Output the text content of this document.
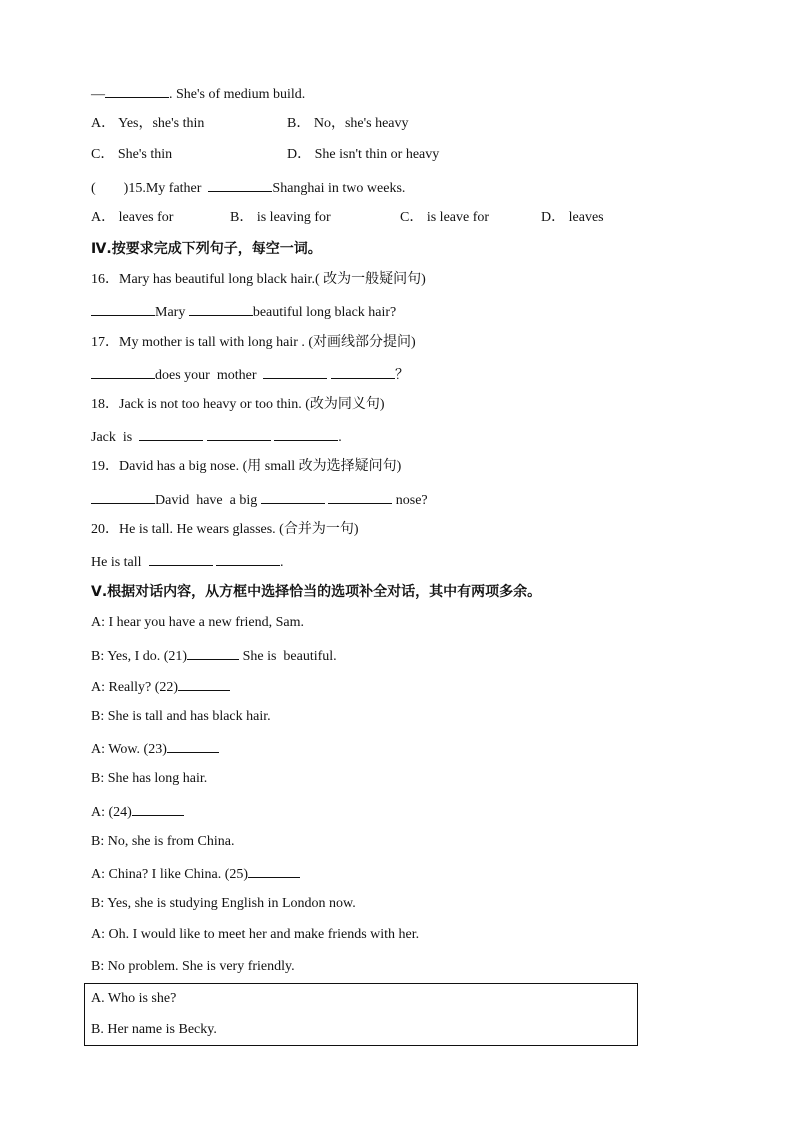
—	. She's of medium build.
A． Yes，she's thin	B． No，she's heavy
C． She's thin	D． She isn't thin or heavy
(        )15.My father	Shanghai in two weeks.
A． leaves for	B． is leaving for	C． is leave for	D． leaves
Ⅳ.按要求完成下列句子，每空一词。
16．Mary has beautiful long black hair.( 改为一般疑问句)
Mary	beautiful long black hair?
17．My mother is tall with long hair . (对画线部分提问)
does your  mother	？
18．Jack is not too heavy or too thin. (改为同义句)
Jack  is	.
19．David has a big nose. (用 small 改为选择疑问句)
David  have  a big	nose?
20．He is tall. He wears glasses. (合并为一句)
He is tall	.
Ⅴ.根据对话内容，从方框中选择恰当的选项补全对话，其中有两项多余。
A: I hear you have a new friend, Sam.
B: Yes, I do. (21)	She is  beautiful.
A: Really? (22)
B: She is tall and has black hair.
A: Wow. (23)
B: She has long hair.
A: (24)
B: No, she is from China.
A: China? I like China. (25)
B: Yes, she is studying English in London now.
A: Oh. I would like to meet her and make friends with her.
B: No problem. She is very friendly.
A. Who is she?
B. Her name is Becky.
